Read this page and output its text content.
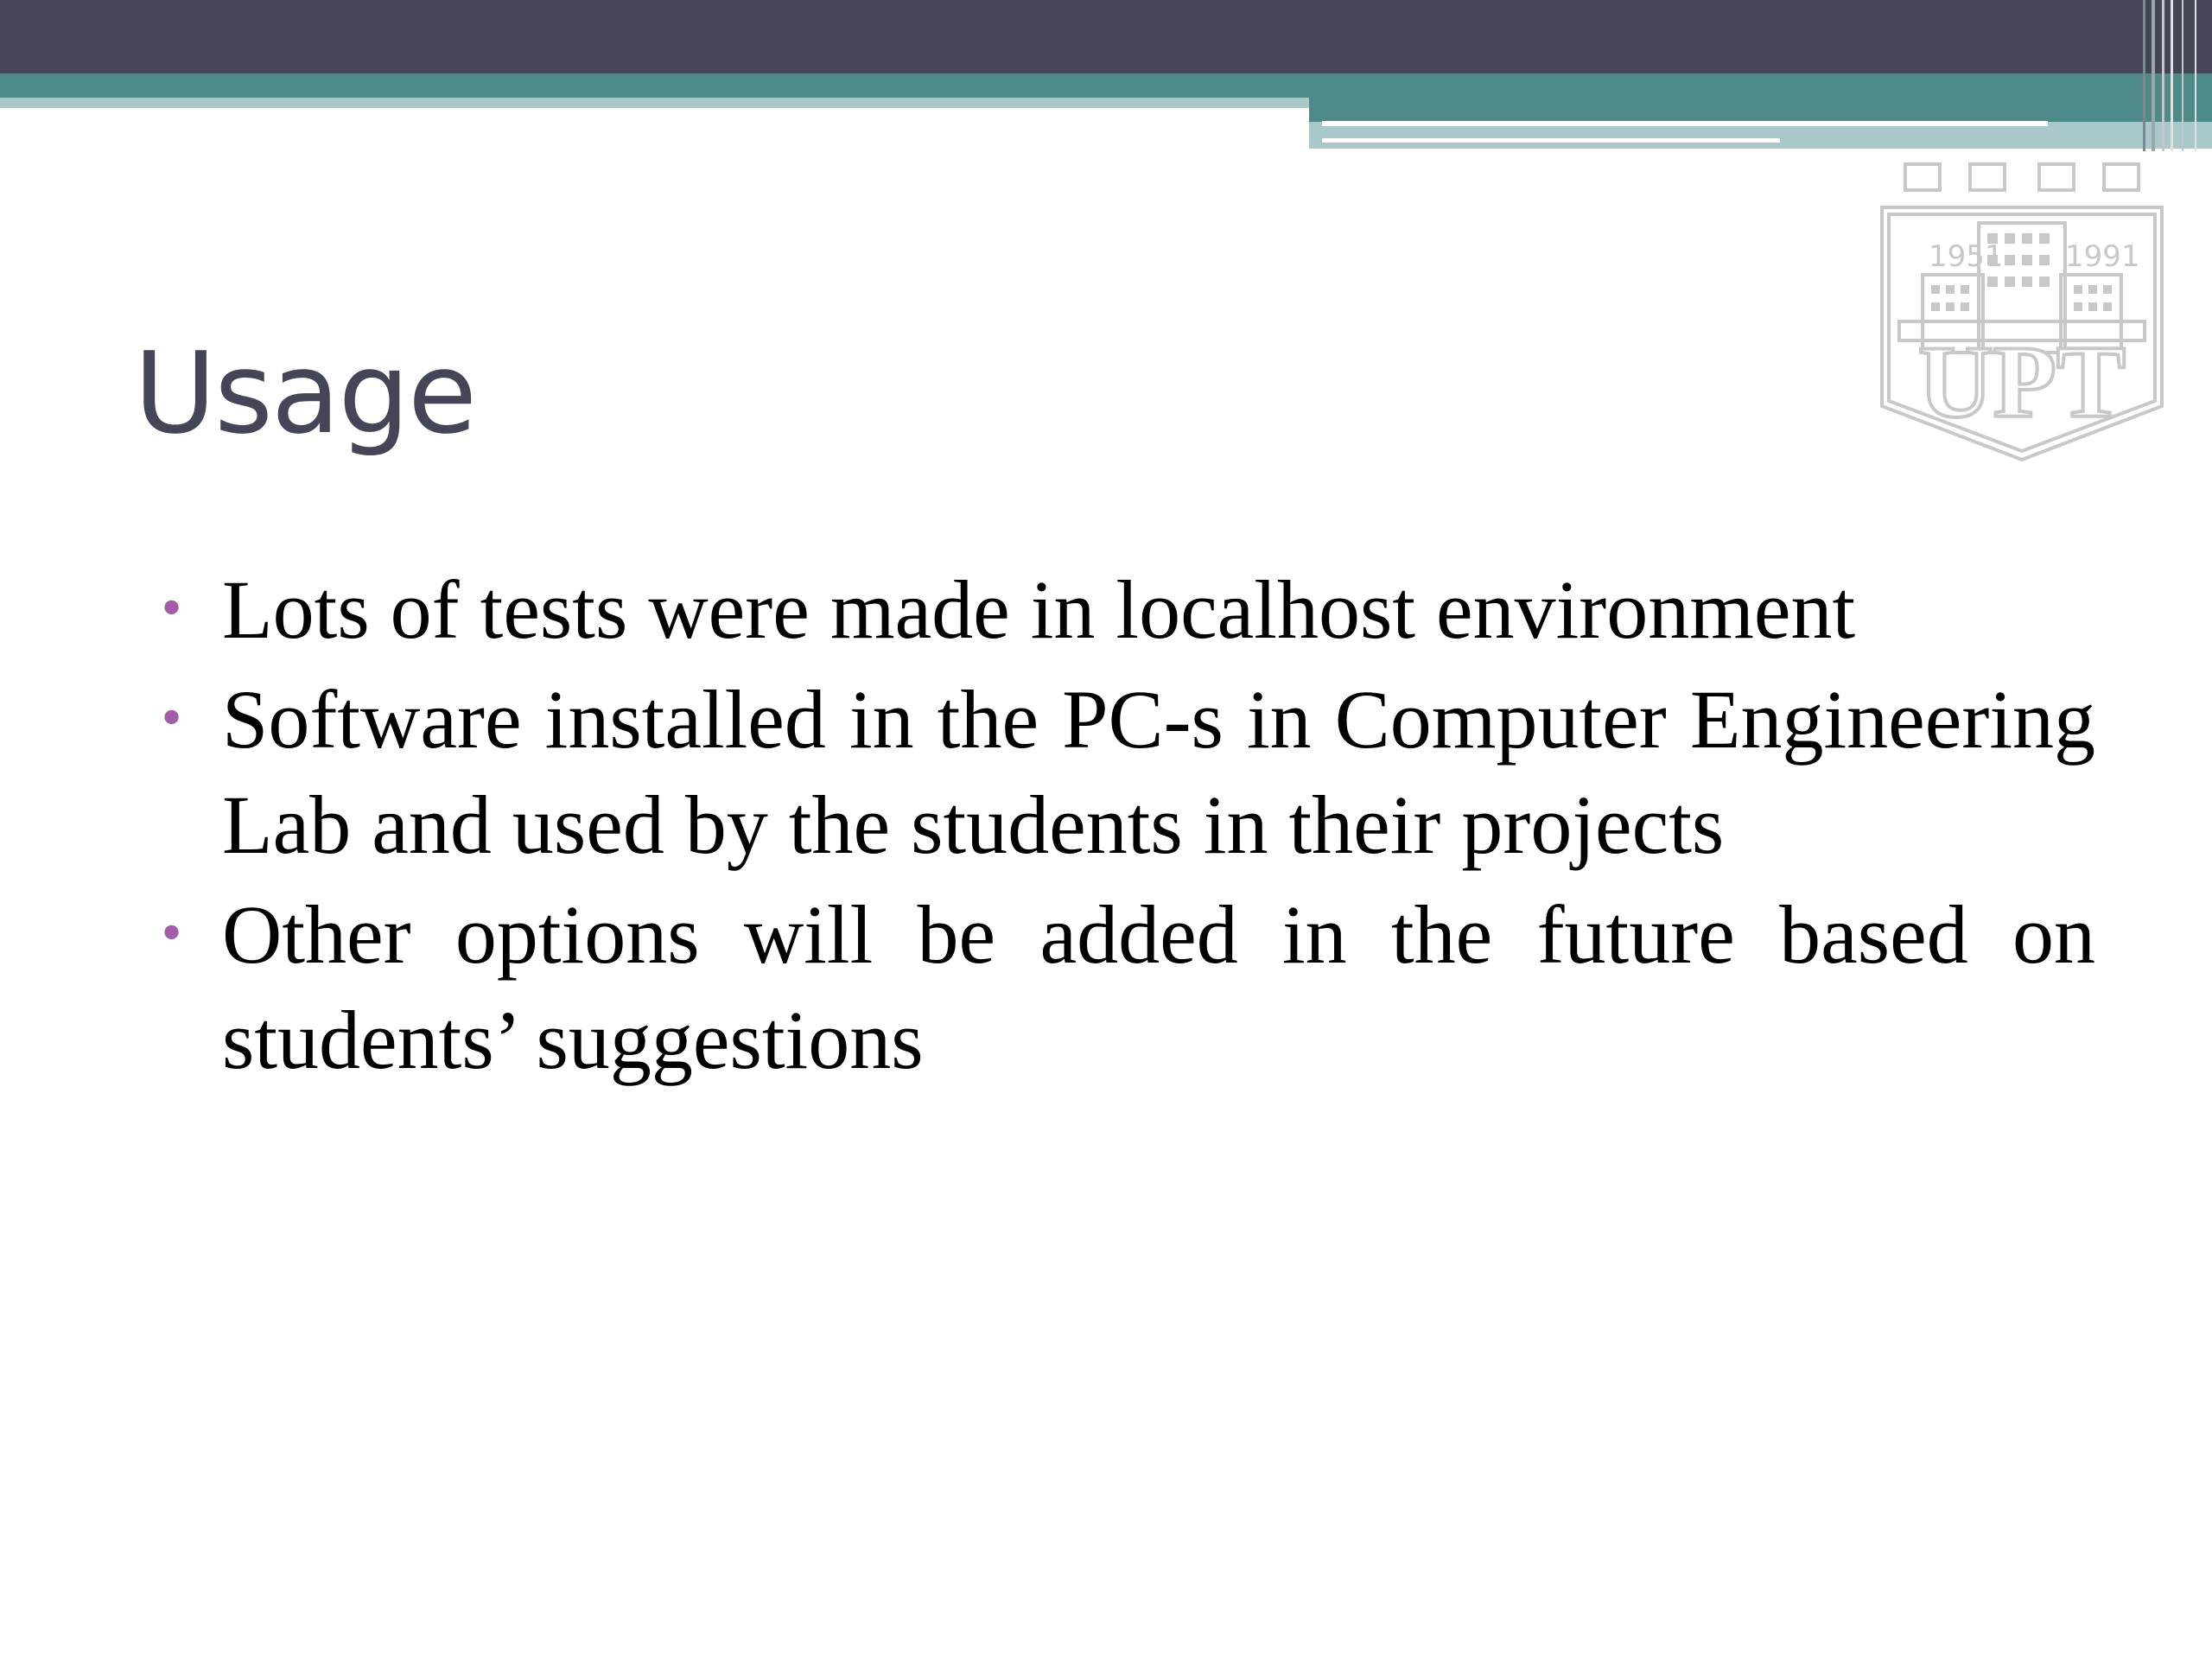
1951 1991
UPT
Usage
• Lots of tests were made in localhost environment
• Software installed in the PC-s in Computer Engineering Lab and used by the students in their projects
• Other options will be added in the future based on students’ suggestions
